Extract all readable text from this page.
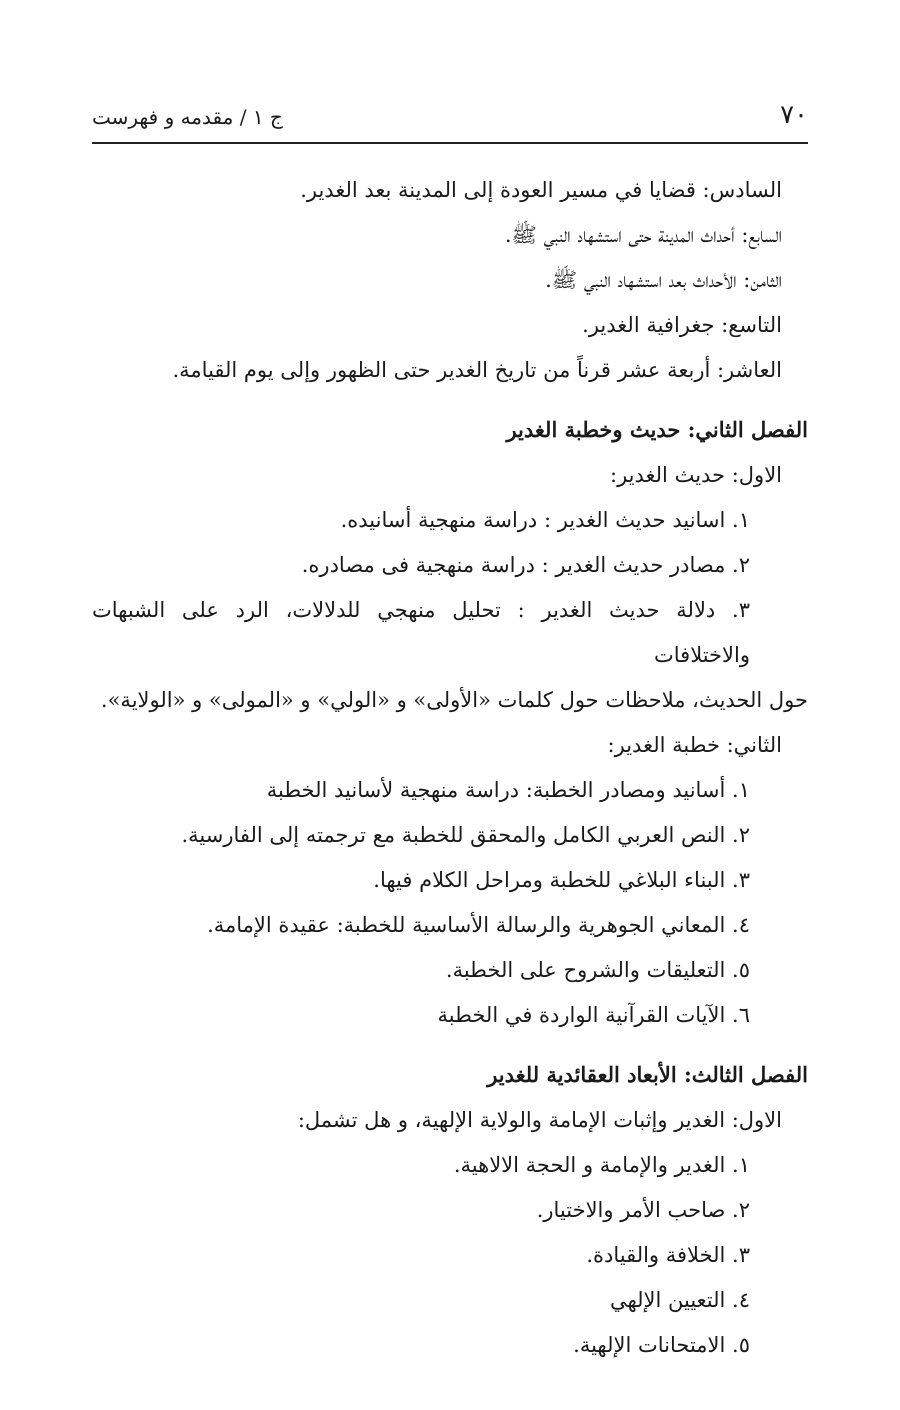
٧٠
ج ١ / مقدمه و فهرست
السادس: قضايا في مسير العودة إلى المدينة بعد الغدير.
السابع: أحداث المدينة حتى استشهاد النبي ﷺ.
الثامن: الأحداث بعد استشهاد النبي ﷺ.
التاسع: جغرافية الغدير.
العاشر: أربعة عشر قرناً من تاريخ الغدير حتى الظهور وإلى يوم القيامة.
الفصل الثاني: حديث وخطبة الغدير
الاول: حديث الغدير:
١. اسانيد حديث الغدير : دراسة منهجية أسانيده.
٢. مصادر حديث الغدير : دراسة منهجية فى مصادره.
٣. دلالة حديث الغدير : تحليل منهجي للدلالات، الرد على الشبهات والاختلافات
حول الحديث، ملاحظات حول كلمات «الأولى» و «الولي» و «المولى» و «الولاية».
الثاني: خطبة الغدير:
١. أسانيد ومصادر الخطبة: دراسة منهجية لأسانيد الخطبة
٢. النص العربي الكامل والمحقق للخطبة مع ترجمته إلى الفارسية.
٣. البناء البلاغي للخطبة ومراحل الكلام فيها.
٤. المعاني الجوهرية والرسالة الأساسية للخطبة: عقيدة الإمامة.
٥. التعليقات والشروح على الخطبة.
٦. الآيات القرآنية الواردة في الخطبة
الفصل الثالث: الأبعاد العقائدية للغدير
الاول: الغدير وإثبات الإمامة والولاية الإلهية، و هل تشمل:
١. الغدير والإمامة و الحجة الالاهية.
٢. صاحب الأمر والاختيار.
٣. الخلافة والقيادة.
٤. التعيين الإلهي
٥. الامتحانات الإلهية.
